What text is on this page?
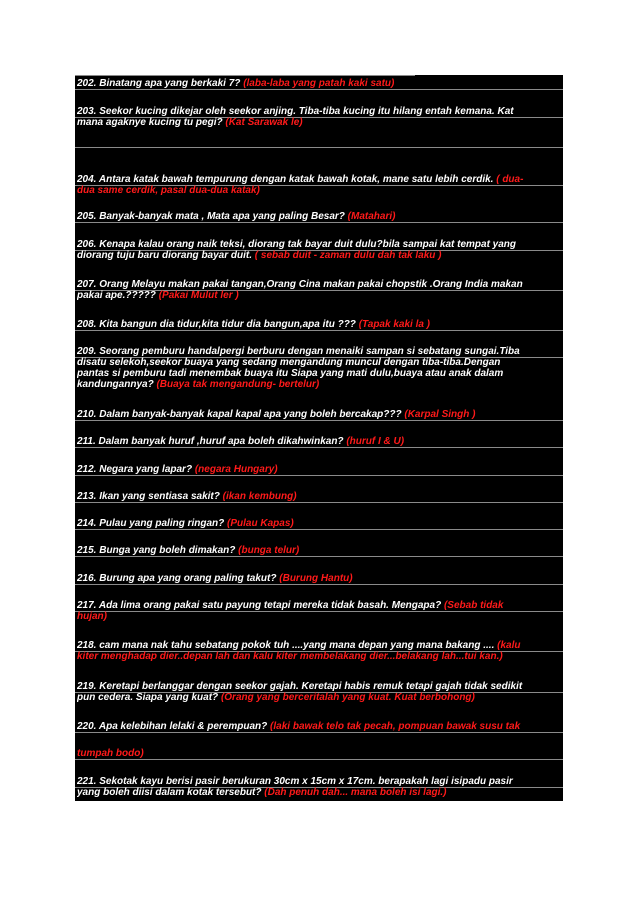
202. Binatang apa yang berkaki 7? (laba-laba yang patah kaki satu)
203. Seekor kucing dikejar oleh seekor anjing. Tiba-tiba kucing itu hilang entah kemana. Kat
mana agaknye kucing tu pegi? (Kat Sarawak le)
204. Antara katak bawah tempurung dengan katak bawah kotak, mane satu lebih cerdik. ( dua-
dua same cerdik, pasal dua-dua katak)
205. Banyak-banyak mata , Mata apa yang paling Besar? (Matahari)
206. Kenapa kalau orang naik teksi, diorang tak bayar duit dulu?bila sampai kat tempat yang
diorang tuju baru diorang bayar duit. ( sebab duit - zaman dulu dah tak laku )
207. Orang Melayu makan pakai tangan,Orang Cina makan pakai chopstik .Orang India makan
pakai ape.????? (Pakai Mulut ler )
208. Kita bangun dia tidur,kita tidur dia bangun,apa itu ??? (Tapak kaki la )
209. Seorang pemburu handalpergi berburu dengan menaiki sampan si sebatang sungai.Tiba
disatu selekoh,seekor buaya yang sedang mengandung muncul dengan tiba-tiba.Dengan
pantas si pemburu tadi menembak buaya itu Siapa yang mati dulu,buaya atau anak dalam
kandungannya? (Buaya tak mengandung- bertelur)
210. Dalam banyak-banyak kapal kapal apa yang boleh bercakap??? (Karpal Singh )
211. Dalam banyak huruf ,huruf apa boleh dikahwinkan? (huruf I & U)
212. Negara yang lapar? (negara Hungary)
213. Ikan yang sentiasa sakit? (ikan kembung)
214. Pulau yang paling ringan? (Pulau Kapas)
215. Bunga yang boleh dimakan? (bunga telur)
216. Burung apa yang orang paling takut? (Burung Hantu)
217. Ada lima orang pakai satu payung tetapi mereka tidak basah. Mengapa? (Sebab tidak
hujan)
218. cam mana nak tahu sebatang pokok tuh ....yang mana depan yang mana bakang .... (kalu
kiter menghadap dier..depan lah dan kalu kiter membelakang dier...belakang lah...tui kan.)
219. Keretapi berlanggar dengan seekor gajah. Keretapi habis remuk tetapi gajah tidak sedikit
pun cedera. Siapa yang kuat? (Orang yang berceritalah yang kuat. Kuat berbohong)
220. Apa kelebihan lelaki & perempuan? (laki bawak telo tak pecah, pompuan bawak susu tak
tumpah bodo)
221. Sekotak kayu berisi pasir berukuran 30cm x 15cm x 17cm. berapakah lagi isipadu pasir
yang boleh diisi dalam kotak tersebut? (Dah penuh dah... mana boleh isi lagi.)
